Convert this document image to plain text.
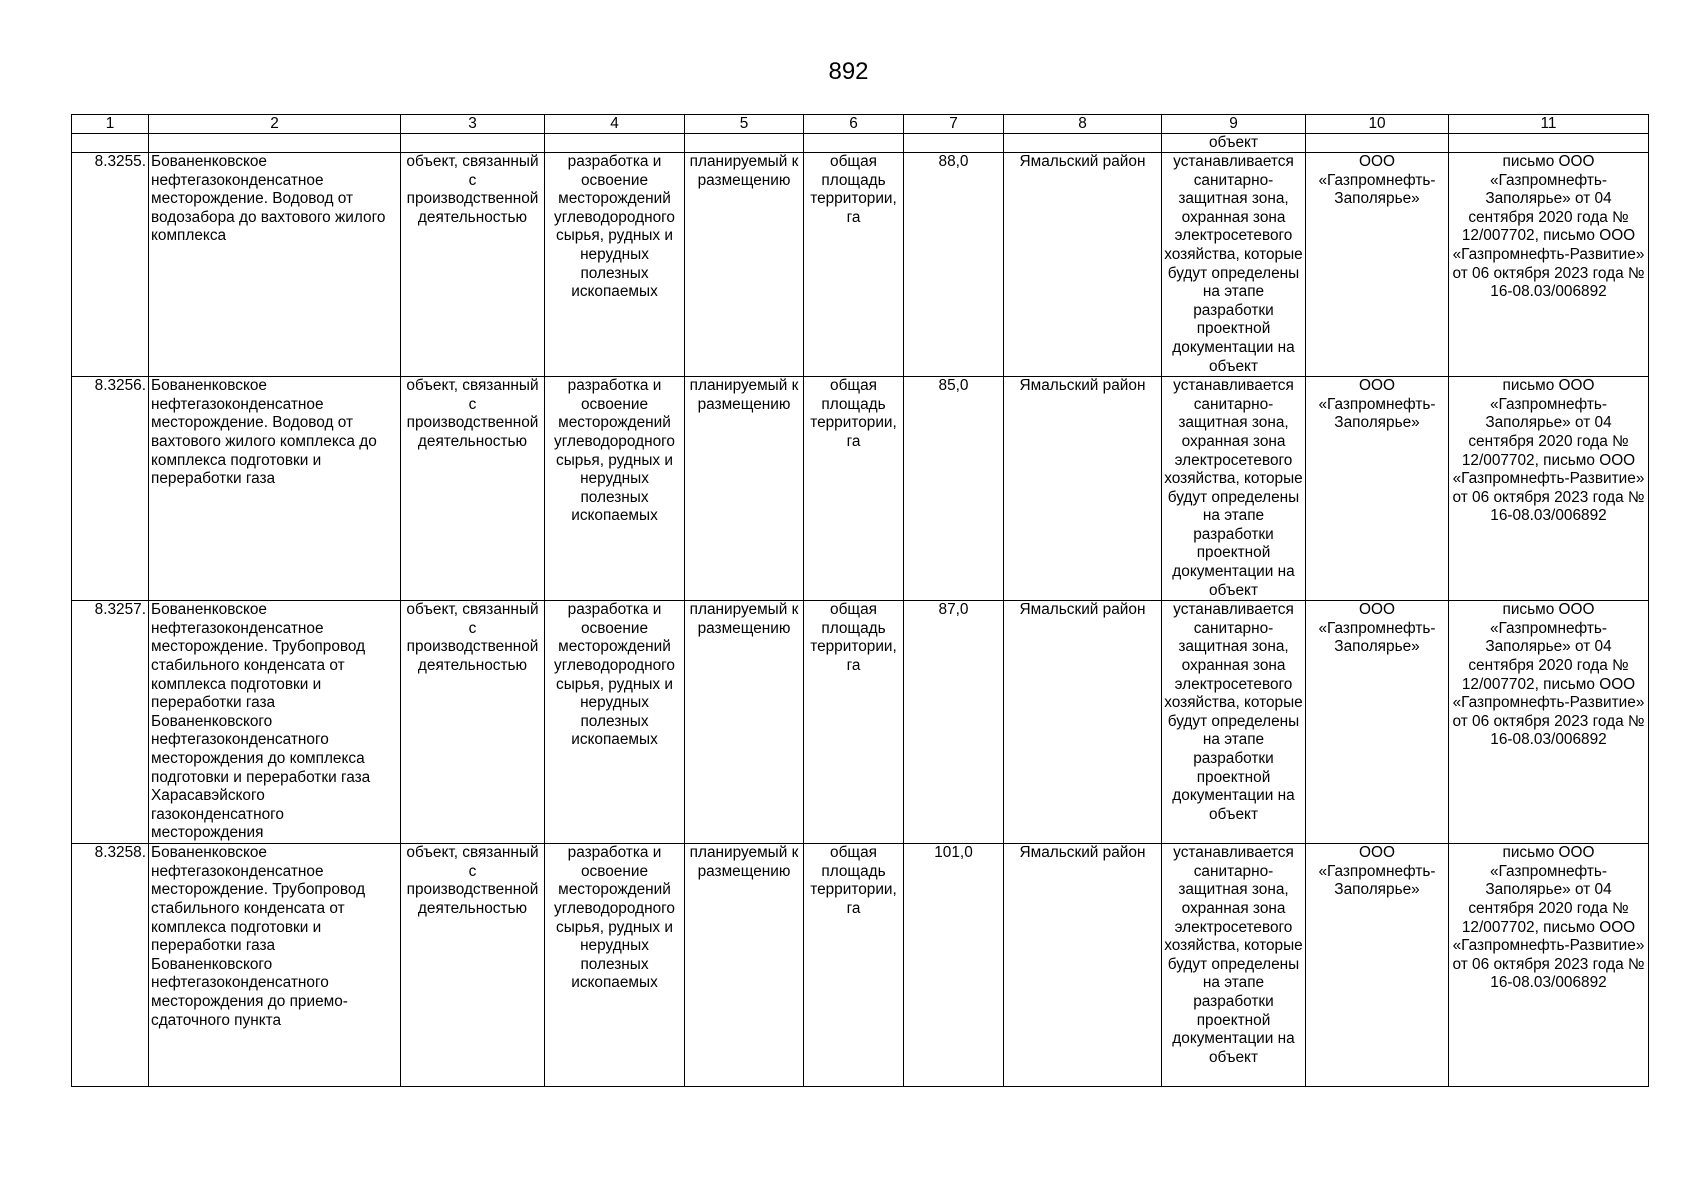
892
1	2	3	4	5	6	7	8	9	10	11
								объект		
8.3255.	Бованенковское нефтегазоконденсатное месторождение. Водовод от водозабора до вахтового жилого комплекса	объект, связанный с производственной деятельностью	разработка и освоение месторождений углеводородного сырья, рудных и нерудных полезных ископаемых	планируемый к размещению	общая площадь территории, га	88,0	Ямальский район	устанавливается санитарно-защитная зона, охранная зона электросетевого хозяйства, которые будут определены на этапе разработки проектной документации на объект	ООО «Газпромнефть-Заполярье»	письмо ООО «Газпромнефть-Заполярье» от 04 сентября 2020 года № 12/007702, письмо ООО «Газпромнефть-Развитие» от 06 октября 2023 года № 16-08.03/006892
8.3256.	Бованенковское нефтегазоконденсатное месторождение. Водовод от вахтового жилого комплекса до комплекса подготовки и переработки газа	объект, связанный с производственной деятельностью	разработка и освоение месторождений углеводородного сырья, рудных и нерудных полезных ископаемых	планируемый к размещению	общая площадь территории, га	85,0	Ямальский район	устанавливается санитарно-защитная зона, охранная зона электросетевого хозяйства, которые будут определены на этапе разработки проектной документации на объект	ООО «Газпромнефть-Заполярье»	письмо ООО «Газпромнефть-Заполярье» от 04 сентября 2020 года № 12/007702, письмо ООО «Газпромнефть-Развитие» от 06 октября 2023 года № 16-08.03/006892
8.3257.	Бованенковское нефтегазоконденсатное месторождение. Трубопровод стабильного конденсата от комплекса подготовки и переработки газа Бованенковского нефтегазоконденсатного месторождения до комплекса подготовки и переработки газа Харасавэйского газоконденсатного месторождения	объект, связанный с производственной деятельностью	разработка и освоение месторождений углеводородного сырья, рудных и нерудных полезных ископаемых	планируемый к размещению	общая площадь территории, га	87,0	Ямальский район	устанавливается санитарно-защитная зона, охранная зона электросетевого хозяйства, которые будут определены на этапе разработки проектной документации на объект	ООО «Газпромнефть-Заполярье»	письмо ООО «Газпромнефть-Заполярье» от 04 сентября 2020 года № 12/007702, письмо ООО «Газпромнефть-Развитие» от 06 октября 2023 года № 16-08.03/006892
8.3258.	Бованенковское нефтегазоконденсатное месторождение. Трубопровод стабильного конденсата от комплекса подготовки и переработки газа Бованенковского нефтегазоконденсатного месторождения до приемо-сдаточного пункта	объект, связанный с производственной деятельностью	разработка и освоение месторождений углеводородного сырья, рудных и нерудных полезных ископаемых	планируемый к размещению	общая площадь территории, га	101,0	Ямальский район	устанавливается санитарно-защитная зона, охранная зона электросетевого хозяйства, которые будут определены на этапе разработки проектной документации на объект	ООО «Газпромнефть-Заполярье»	письмо ООО «Газпромнефть-Заполярье» от 04 сентября 2020 года № 12/007702, письмо ООО «Газпромнефть-Развитие» от 06 октября 2023 года № 16-08.03/006892
